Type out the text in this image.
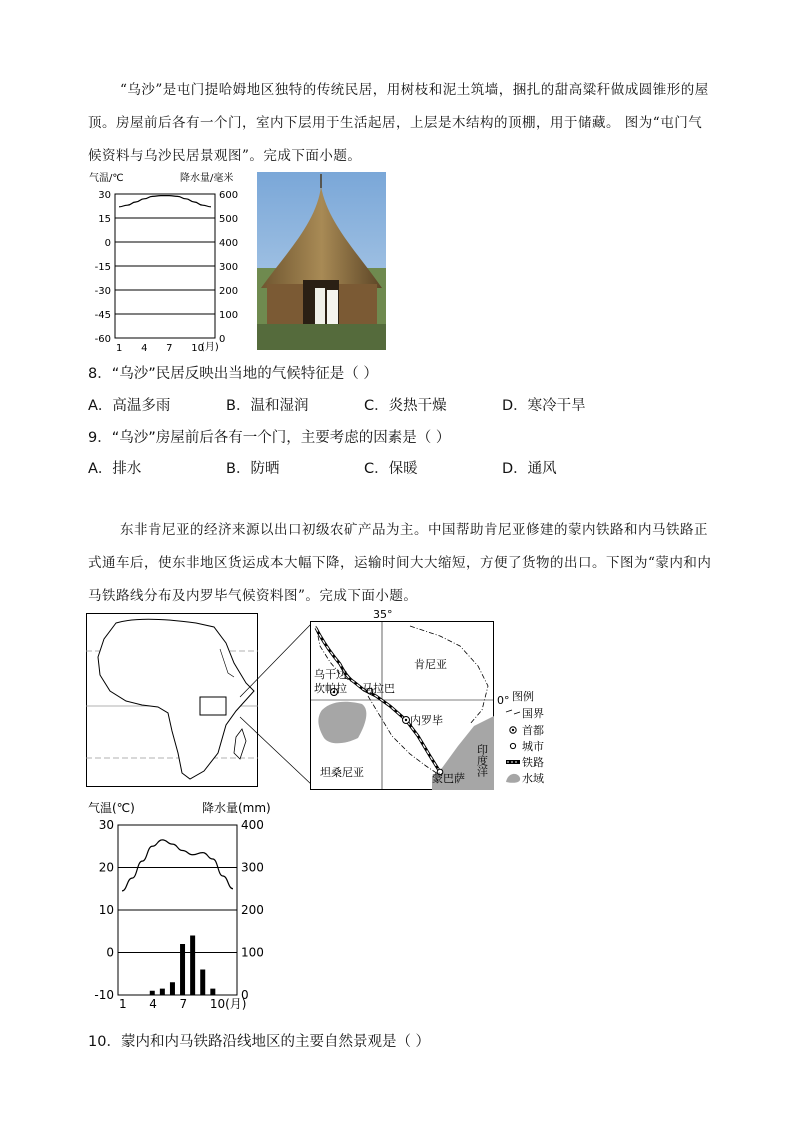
“乌沙”是屯门提哈姆地区独特的传统民居，用树枝和泥土筑墙，捆扎的甜高粱秆做成圆锥形的屋顶。房屋前后各有一个门，室内下层用于生活起居，上层是木结构的顶棚，用于储藏。 图为“屯门气候资料与乌沙民居景观图”。完成下面小题。

气温/℃	降水量/毫米
30
15
0
-15
-30
-45
-60
600
500
400
300
200
100
0
1 4 7 10
(月)
8．“乌沙”民居反映出当地的气候特征是（ ）
A．高温多雨	B．温和湿润	C．炎热干燥	D．寒冷干旱
9．“乌沙”房屋前后各有一个门，主要考虑的因素是（ ）
A．排水	B．防晒	C．保暖	D．通风

东非肯尼亚的经济来源以出口初级农矿产品为主。中国帮助肯尼亚修建的蒙内铁路和内马铁路正式通车后，使东非地区货运成本大幅下降，运输时间大大缩短，方便了货物的出口。下图为“蒙内和内马铁路线分布及内罗毕气候资料图”。完成下面小题。

35°
0°
乌干达
坎帕拉 马拉巴
肯尼亚
内罗毕
坦桑尼亚	蒙巴萨
印度洋
图例
国界
首都
城市
铁路
水域
气温(℃)	降水量(mm)
30
20
10
0
-10
400
300
200
100
0
1 4 7 10(月)
10．蒙内和内马铁路沿线地区的主要自然景观是（ ）
